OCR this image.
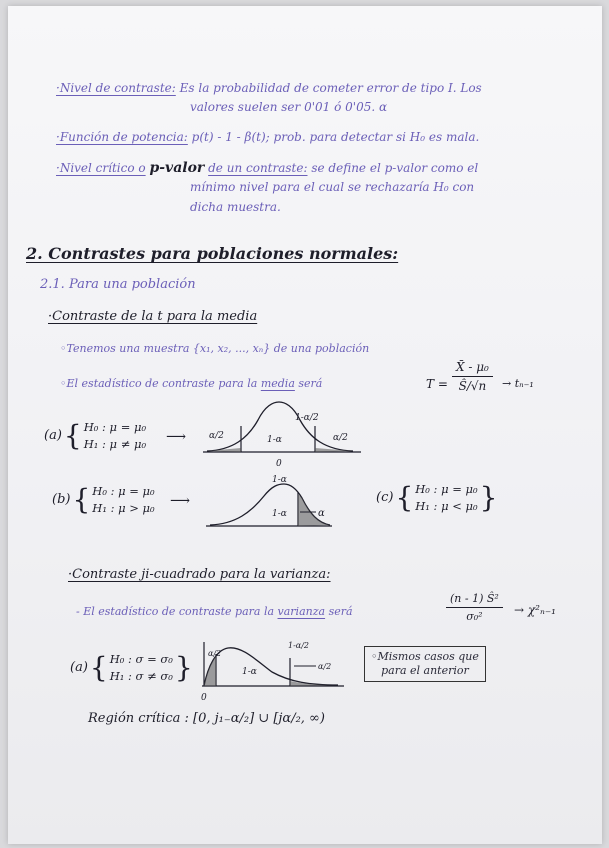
·Nivel de contraste: Es la probabilidad de cometer error de tipo I. Los
valores suelen ser 0'01 ó 0'05. α
·Función de potencia: p(t) - 1 - β(t); prob. para detectar si H₀ es mala.
·Nivel crítico o p-valor de un contraste: se define el p-valor como el
mínimo nivel para el cual se rechazaría H₀ con
dicha muestra.
2. Contrastes para poblaciones normales:
2.1. Para una población
·Contraste de la t para la media
◦Tenemos una muestra {x₁, x₂, ..., xₙ} de una población
◦El estadístico de contraste para la media será	$T = \frac{\text{X̄ - μ₀}}{Ŝ/√n} \to t_{n-1}$
(a) { H₀ : μ = μ₀
H₁ : μ ≠ μ₀ ⟶	α/2
1-α/2
α/2
1-α
0
(b) { H₀ : μ = μ₀
H₁ : μ > μ₀ ⟶
1-α
1-α	α
(c) { H₀ : μ = μ₀
H₁ : μ < μ₀ }
·Contraste ji-cuadrado para la varianza:
- El estadístico de contraste para la varianza será	$\frac{\text{(n - 1) Ŝ²}}{\text{σ₀²}} \to \chi^2_{n-1}$
(a) { H₀ : σ = σ₀
H₁ : σ ≠ σ₀ } α/2
1-α/2
1-α
α/2
0
◦Mismos casos que
para el anterior
Región crítica : [0, j₁₋α/₂] ∪ [jα/₂, ∞)
